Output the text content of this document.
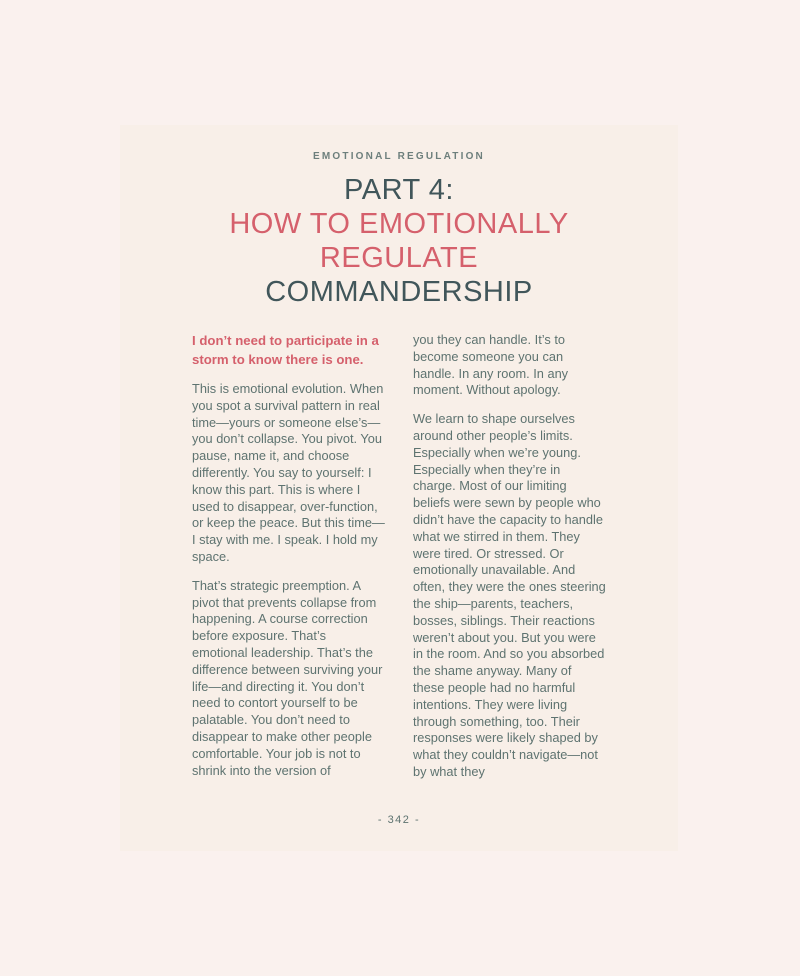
EMOTIONAL REGULATION
PART 4:
HOW TO EMOTIONALLY REGULATE
COMMANDERSHIP

I don’t need to participate in a storm to know there is one.

This is emotional evolution. When you spot a survival pattern in real time—yours or someone else’s—you don’t collapse. You pivot. You pause, name it, and choose differently. You say to yourself: I know this part. This is where I used to disappear, over-function, or keep the peace. But this time—I stay with me. I speak. I hold my space.

That’s strategic preemption. A pivot that prevents collapse from happening. A course correction before exposure. That’s emotional leadership. That’s the difference between surviving your life—and directing it. You don’t need to contort yourself to be palatable. You don’t need to disappear to make other people comfortable. Your job is not to shrink into the version of

you they can handle. It’s to become someone you can handle. In any room. In any moment. Without apology.

We learn to shape ourselves around other people’s limits. Especially when we’re young. Especially when they’re in charge. Most of our limiting beliefs were sewn by people who didn’t have the capacity to handle what we stirred in them. They were tired. Or stressed. Or emotionally unavailable. And often, they were the ones steering the ship—parents, teachers, bosses, siblings. Their reactions weren’t about you. But you were in the room. And so you absorbed the shame anyway. Many of these people had no harmful intentions. They were living through something, too. Their responses were likely shaped by what they couldn’t navigate—not by what they

- 342 -
